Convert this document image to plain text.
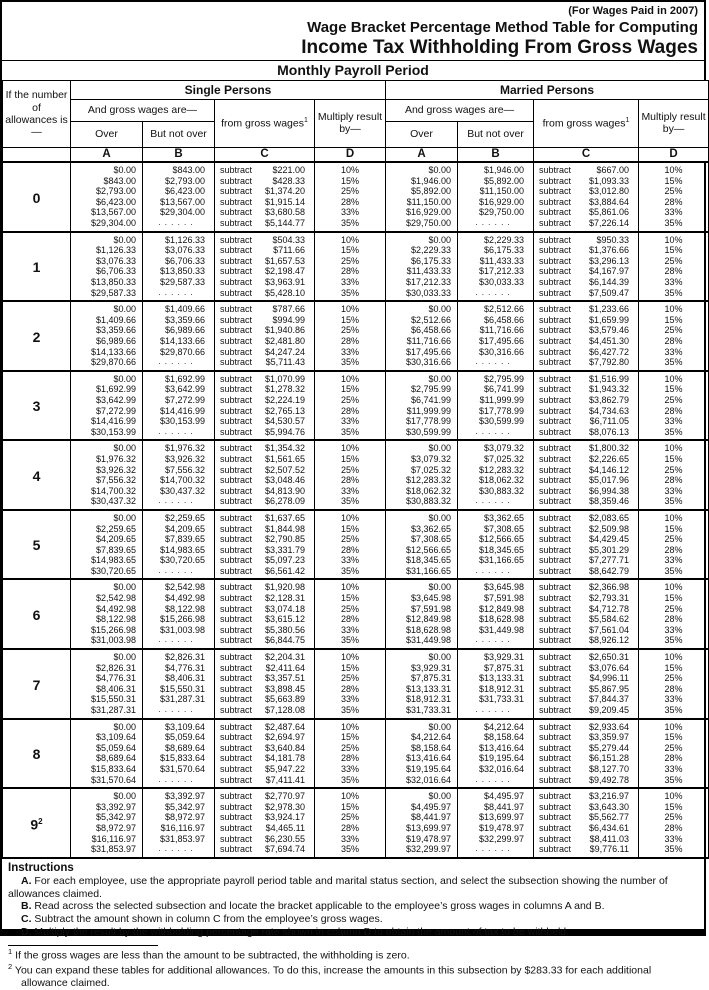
(For Wages Paid in 2007)
Wage Bracket Percentage Method Table for Computing
Income Tax Withholding From Gross Wages
Monthly Payroll Period
If the number of allowances is—	Single Persons				Married Persons			
	And gross wages are—		from gross wages$^1$	Multiply result by—	And gross wages are—		from gross wages$^1$	Multiply result by—
	Over	But not over			Over	But not over		
	A	B	C	D	A	B	C	D
0	$0.00	$843.00	subtract $221.00	10%	$0.00	$1,946.00	subtract $667.00	10%
	$843.00	$2,793.00	subtract $428.33	15%	$1,946.00	$5,892.00	subtract $1,093.33	15%
	$2,793.00	$6,423.00	subtract $1,374.20	25%	$5,892.00	$11,150.00	subtract $3,012.80	25%
	$6,423.00	$13,567.00	subtract $1,915.14	28%	$11,150.00	$16,929.00	subtract $3,884.64	28%
	$13,567.00	$29,304.00	subtract $3,680.58	33%	$16,929.00	$29,750.00	subtract $5,861.06	33%
	$29,304.00	. . . . . .	subtract $5,144.77	35%	$29,750.00	. . . . . .	subtract $7,226.14	35%
1	$0.00	$1,126.33	subtract $504.33	10%	$0.00	$2,229.33	subtract $950.33	10%
	$1,126.33	$3,076.33	subtract $711.66	15%	$2,229.33	$6,175.33	subtract $1,376.66	15%
	$3,076.33	$6,706.33	subtract $1,657.53	25%	$6,175.33	$11,433.33	subtract $3,296.13	25%
	$6,706.33	$13,850.33	subtract $2,198.47	28%	$11,433.33	$17,212.33	subtract $4,167.97	28%
	$13,850.33	$29,587.33	subtract $3,963.91	33%	$17,212.33	$30,033.33	subtract $6,144.39	33%
	$29,587.33	. . . . . .	subtract $5,428.10	35%	$30,033.33	. . . . . .	subtract $7,509.47	35%
2	$0.00	$1,409.66	subtract $787.66	10%	$0.00	$2,512.66	subtract $1,233.66	10%
	$1,409.66	$3,359.66	subtract $994.99	15%	$2,512.66	$6,458.66	subtract $1,659.99	15%
	$3,359.66	$6,989.66	subtract $1,940.86	25%	$6,458.66	$11,716.66	subtract $3,579.46	25%
	$6,989.66	$14,133.66	subtract $2,481.80	28%	$11,716.66	$17,495.66	subtract $4,451.30	28%
	$14,133.66	$29,870.66	subtract $4,247.24	33%	$17,495.66	$30,316.66	subtract $6,427.72	33%
	$29,870.66	. . . . . .	subtract $5,711.43	35%	$30,316.66	. . . . . .	subtract $7,792.80	35%
3	$0.00	$1,692.99	subtract $1,070.99	10%	$0.00	$2,795.99	subtract $1,516.99	10%
	$1,692.99	$3,642.99	subtract $1,278.32	15%	$2,795.99	$6,741.99	subtract $1,943.32	15%
	$3,642.99	$7,272.99	subtract $2,224.19	25%	$6,741.99	$11,999.99	subtract $3,862.79	25%
	$7,272.99	$14,416.99	subtract $2,765.13	28%	$11,999.99	$17,778.99	subtract $4,734.63	28%
	$14,416.99	$30,153.99	subtract $4,530.57	33%	$17,778.99	$30,599.99	subtract $6,711.05	33%
	$30,153.99	. . . . . .	subtract $5,994.76	35%	$30,599.99	. . . . . .	subtract $8,076.13	35%
4	$0.00	$1,976.32	subtract $1,354.32	10%	$0.00	$3,079.32	subtract $1,800.32	10%
	$1,976.32	$3,926.32	subtract $1,561.65	15%	$3,079.32	$7,025.32	subtract $2,226.65	15%
	$3,926.32	$7,556.32	subtract $2,507.52	25%	$7,025.32	$12,283.32	subtract $4,146.12	25%
	$7,556.32	$14,700.32	subtract $3,048.46	28%	$12,283.32	$18,062.32	subtract $5,017.96	28%
	$14,700.32	$30,437.32	subtract $4,813.90	33%	$18,062.32	$30,883.32	subtract $6,994.38	33%
	$30,437.32	. . . . . .	subtract $6,278.09	35%	$30,883.32	. . . . . .	subtract $8,359.46	35%
5	$0.00	$2,259.65	subtract $1,637.65	10%	$0.00	$3,362.65	subtract $2,083.65	10%
	$2,259.65	$4,209.65	subtract $1,844.98	15%	$3,362.65	$7,308.65	subtract $2,509.98	15%
	$4,209.65	$7,839.65	subtract $2,790.85	25%	$7,308.65	$12,566.65	subtract $4,429.45	25%
	$7,839.65	$14,983.65	subtract $3,331.79	28%	$12,566.65	$18,345.65	subtract $5,301.29	28%
	$14,983.65	$30,720.65	subtract $5,097.23	33%	$18,345.65	$31,166.65	subtract $7,277.71	33%
	$30,720.65	. . . . . .	subtract $6,561.42	35%	$31,166.65	. . . . . .	subtract $8,642.79	35%
6	$0.00	$2,542.98	subtract $1,920.98	10%	$0.00	$3,645.98	subtract $2,366.98	10%
	$2,542.98	$4,492.98	subtract $2,128.31	15%	$3,645.98	$7,591.98	subtract $2,793.31	15%
	$4,492.98	$8,122.98	subtract $3,074.18	25%	$7,591.98	$12,849.98	subtract $4,712.78	25%
	$8,122.98	$15,266.98	subtract $3,615.12	28%	$12,849.98	$18,628.98	subtract $5,584.62	28%
	$15,266.98	$31,003.98	subtract $5,380.56	33%	$18,628.98	$31,449.98	subtract $7,561.04	33%
	$31,003.98	. . . . . .	subtract $6,844.75	35%	$31,449.98	. . . . . .	subtract $8,926.12	35%
7	$0.00	$2,826.31	subtract $2,204.31	10%	$0.00	$3,929.31	subtract $2,650.31	10%
	$2,826.31	$4,776.31	subtract $2,411.64	15%	$3,929.31	$7,875.31	subtract $3,076.64	15%
	$4,776.31	$8,406.31	subtract $3,357.51	25%	$7,875.31	$13,133.31	subtract $4,996.11	25%
	$8,406.31	$15,550.31	subtract $3,898.45	28%	$13,133.31	$18,912.31	subtract $5,867.95	28%
	$15,550.31	$31,287.31	subtract $5,663.89	33%	$18,912.31	$31,733.31	subtract $7,844.37	33%
	$31,287.31	. . . . . .	subtract $7,128.08	35%	$31,733.31	. . . . . .	subtract $9,209.45	35%
8	$0.00	$3,109.64	subtract $2,487.64	10%	$0.00	$4,212.64	subtract $2,933.64	10%
	$3,109.64	$5,059.64	subtract $2,694.97	15%	$4,212.64	$8,158.64	subtract $3,359.97	15%
	$5,059.64	$8,689.64	subtract $3,640.84	25%	$8,158.64	$13,416.64	subtract $5,279.44	25%
	$8,689.64	$15,833.64	subtract $4,181.78	28%	$13,416.64	$19,195.64	subtract $6,151.28	28%
	$15,833.64	$31,570.64	subtract $5,947.22	33%	$19,195.64	$32,016.64	subtract $8,127.70	33%
	$31,570.64	. . . . . .	subtract $7,411.41	35%	$32,016.64	. . . . . .	subtract $9,492.78	35%
$9^2$	$0.00	$3,392.97	subtract $2,770.97	10%	$0.00	$4,495.97	subtract $3,216.97	10%
	$3,392.97	$5,342.97	subtract $2,978.30	15%	$4,495.97	$8,441.97	subtract $3,643.30	15%
	$5,342.97	$8,972.97	subtract $3,924.17	25%	$8,441.97	$13,699.97	subtract $5,562.77	25%
	$8,972.97	$16,116.97	subtract $4,465.11	28%	$13,699.97	$19,478.97	subtract $6,434.61	28%
	$16,116.97	$31,853.97	subtract $6,230.55	33%	$19,478.97	$32,299.97	subtract $8,411.03	33%
	$31,853.97	. . . . . .	subtract $7,694.74	35%	$32,299.97	. . . . . .	subtract $9,776.11	35%
Instructions

A. For each employee, use the appropriate payroll period table and marital status section, and select the subsection showing the number of allowances claimed.

B. Read across the selected subsection and locate the bracket applicable to the employee’s gross wages in columns A and B.

C. Subtract the amount shown in column C from the employee’s gross wages.

D. Multiply the result by the withholding percentage rate shown in column D to obtain the amount of tax to be withheld.

$^1$ If the gross wages are less than the amount to be subtracted, the withholding is zero.

$^2$ You can expand these tables for additional allowances. To do this, increase the amounts in this subsection by $283.33 for each additional allowance claimed.
